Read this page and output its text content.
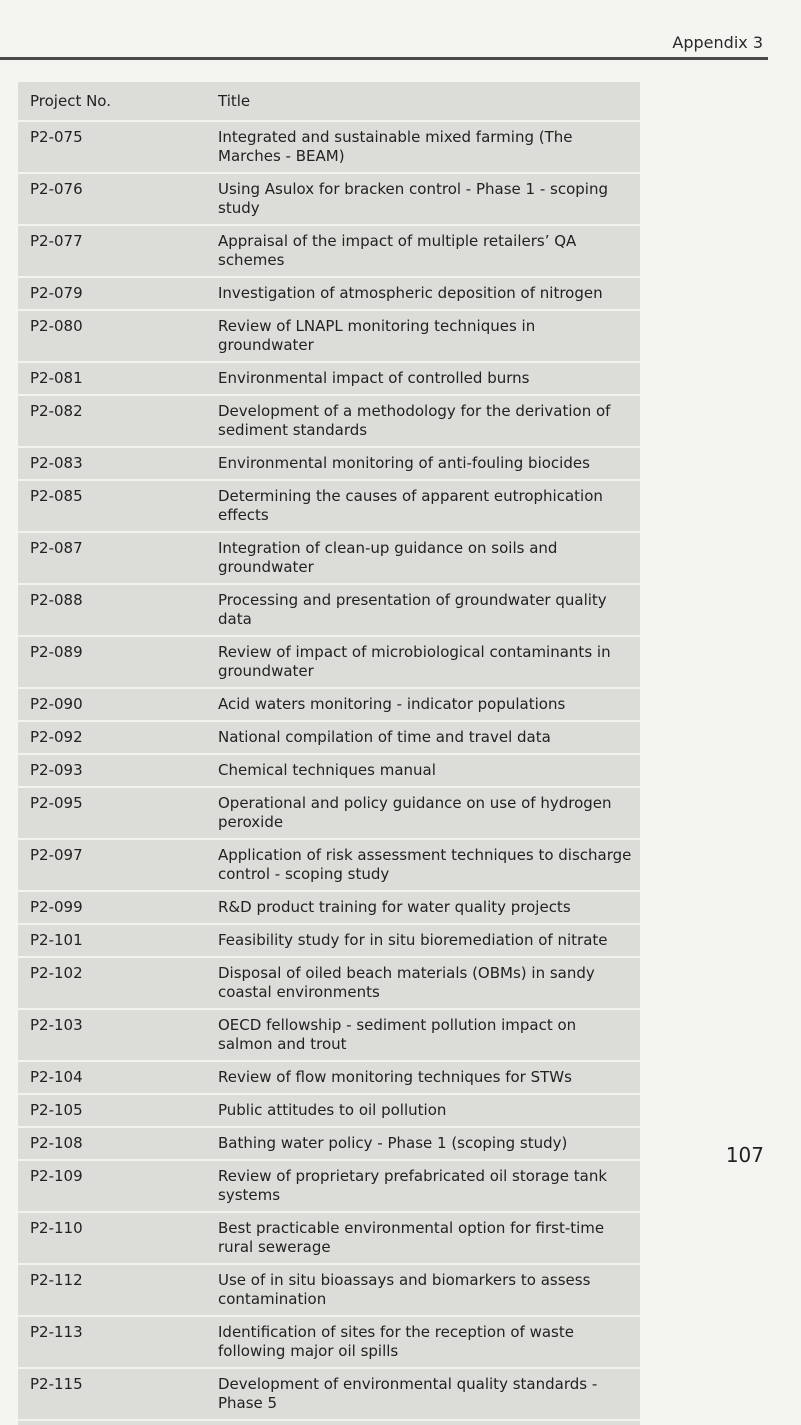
Appendix 3
Project No.	Title
P2-075	Integrated and sustainable mixed farming (The Marches - BEAM)
P2-076	Using Asulox for bracken control - Phase 1 - scoping study
P2-077	Appraisal of the impact of multiple retailers’ QA schemes
P2-079	Investigation of atmospheric deposition of nitrogen
P2-080	Review of LNAPL monitoring techniques in groundwater
P2-081	Environmental impact of controlled burns
P2-082	Development of a methodology for the derivation of sediment standards
P2-083	Environmental monitoring of anti-fouling biocides
P2-085	Determining the causes of apparent eutrophication effects
P2-087	Integration of clean-up guidance on soils and groundwater
P2-088	Processing and presentation of groundwater quality data
P2-089	Review of impact of microbiological contaminants in groundwater
P2-090	Acid waters monitoring - indicator populations
P2-092	National compilation of time and travel data
P2-093	Chemical techniques manual
P2-095	Operational and policy guidance on use of hydrogen peroxide
P2-097	Application of risk assessment techniques to discharge control - scoping study
P2-099	R&D product training for water quality projects
P2-101	Feasibility study for in situ bioremediation of nitrate
P2-102	Disposal of oiled beach materials (OBMs) in sandy coastal environments
P2-103	OECD fellowship - sediment pollution impact on salmon and trout
P2-104	Review of flow monitoring techniques for STWs
P2-105	Public attitudes to oil pollution
P2-108	Bathing water policy - Phase 1 (scoping study)
P2-109	Review of proprietary prefabricated oil storage tank systems
P2-110	Best practicable environmental option for first-time rural sewerage
P2-112	Use of in situ bioassays and biomarkers to assess contamination
P2-113	Identification of sites for the reception of waste following major oil spills
P2-115	Development of environmental quality standards - Phase 5
107
